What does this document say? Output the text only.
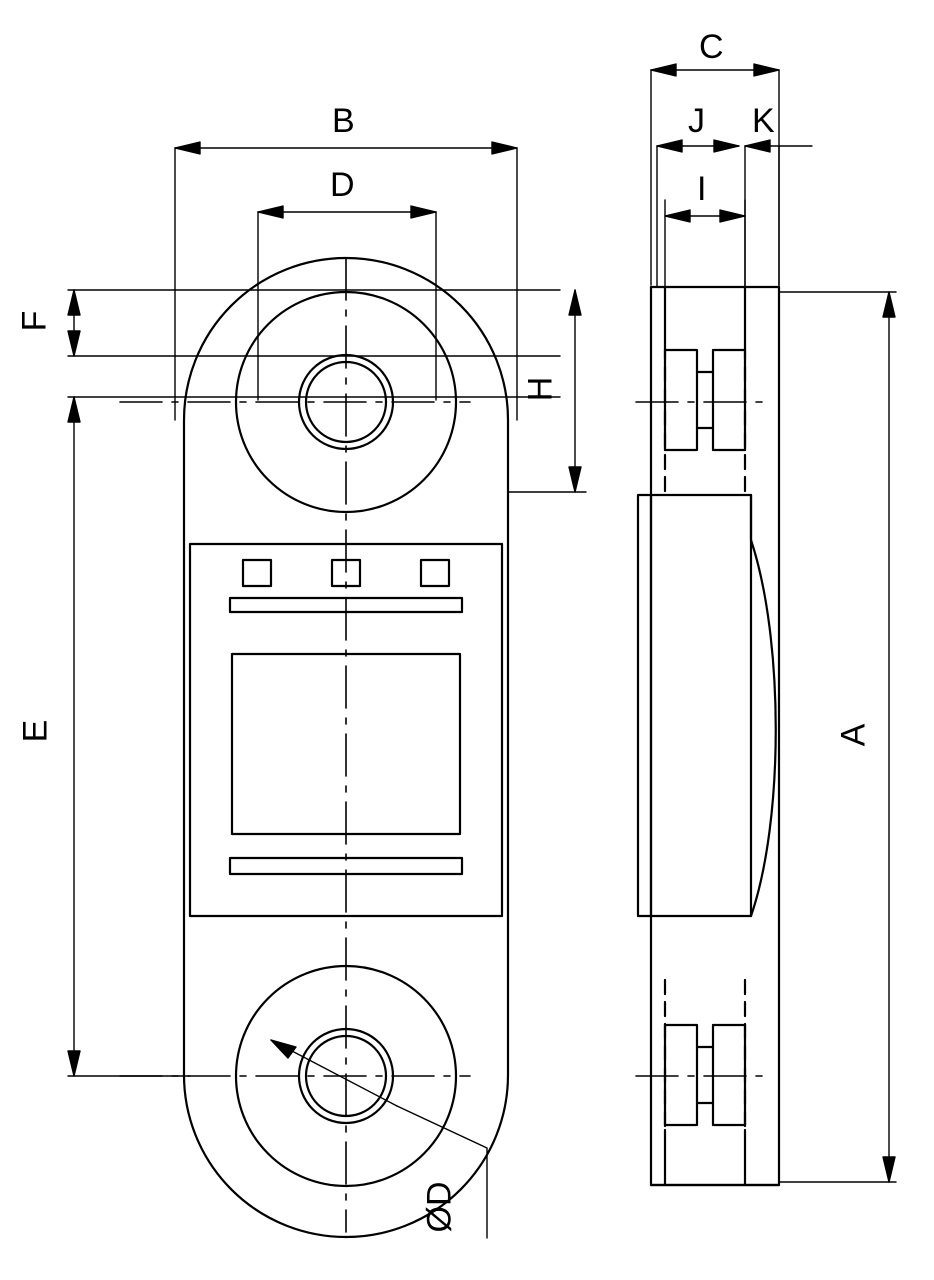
B
D
F
E
H
C
J K
I
A
ØD
